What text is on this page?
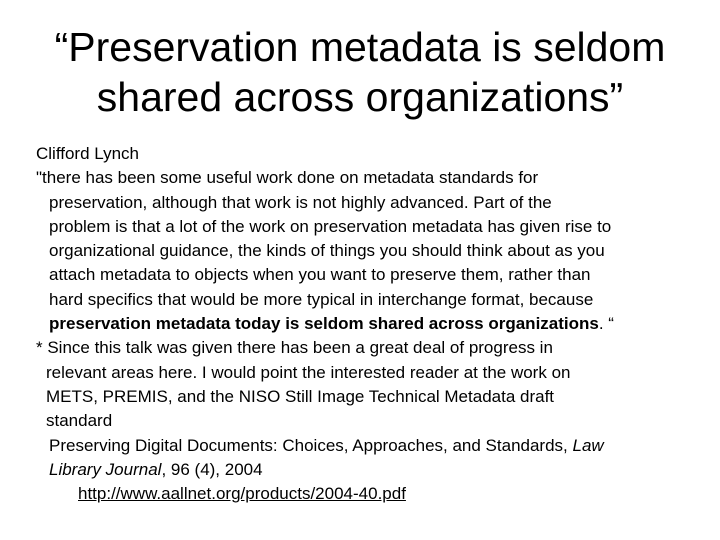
“Preservation metadata is seldom
shared across organizations”
Clifford Lynch
"there has been some useful work done on metadata standards for
preservation, although that work is not highly advanced. Part of the
problem is that a lot of the work on preservation metadata has given rise to
organizational guidance, the kinds of things you should think about as you
attach metadata to objects when you want to preserve them, rather than
hard specifics that would be more typical in interchange format, because
preservation metadata today is seldom shared across organizations. “
* Since this talk was given there has been a great deal of progress in
relevant areas here. I would point the interested reader at the work on
METS, PREMIS, and the NISO Still Image Technical Metadata draft
standard
Preserving Digital Documents: Choices, Approaches, and Standards, Law
Library Journal, 96 (4), 2004
http://www.aallnet.org/products/2004-40.pdf
